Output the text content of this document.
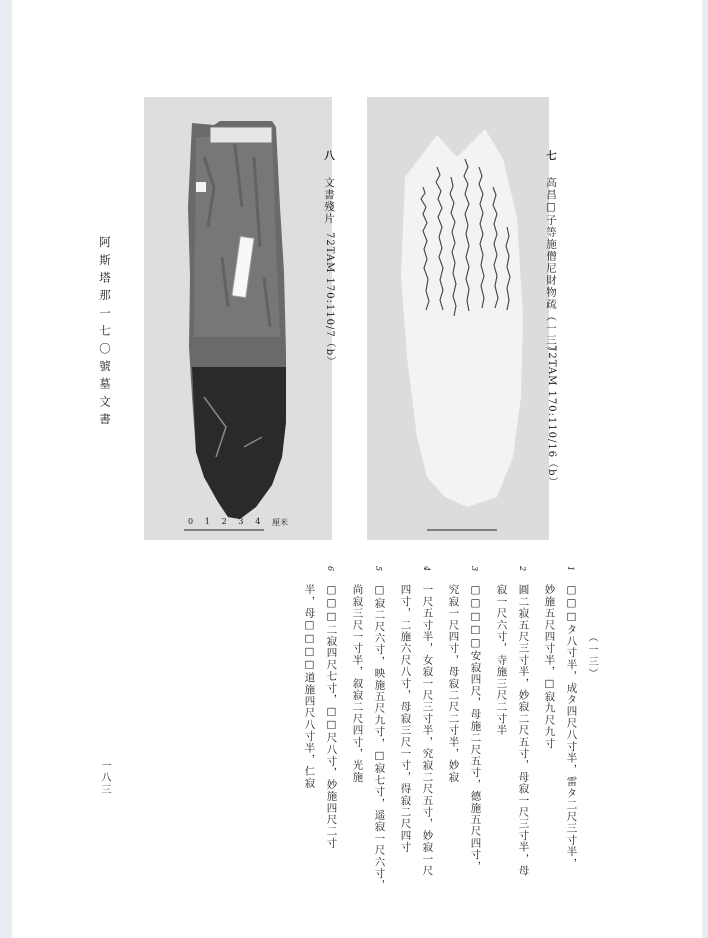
阿斯塔那一七〇號墓文書
一八三
0 1 2 3 4 厘米
八 文書殘片
72TAM 170:110/7（b）
七 高昌□子等施僧尼財物疏（一三）
72TAM 170:110/16（b）
（一三）
1
□□□タ八寸半，成タ四尺八寸半，雷タ二尺三寸半，
妙施五尺四寸半，□寂九尺九寸
2
圓二寂五尺三寸半，妙寂二尺五寸，母寂一尺三寸半，母
寂一尺六寸，寺施三尺二寸半
3
□□□□□安寂四尺，母施二尺五寸，德施五尺四寸，
究寂一尺四寸，母寂二尺二寸半，妙寂
4
一尺五寸半，女寂一尺三寸半，究寂二尺五寸，妙寂一尺
四寸，二施六尺八寸，母寂三尺一寸，得寂二尺四寸
5
□寂二尺六寸，映施五尺九寸，□寂七寸，遥寂一尺六寸，
尚寂三尺一寸半，叙寂二尺四寸，光施
6
□□□二寂四尺七寸，□□尺八寸，妙施四尺二寸
半，母□□□□道施四尺八寸半，仁寂
